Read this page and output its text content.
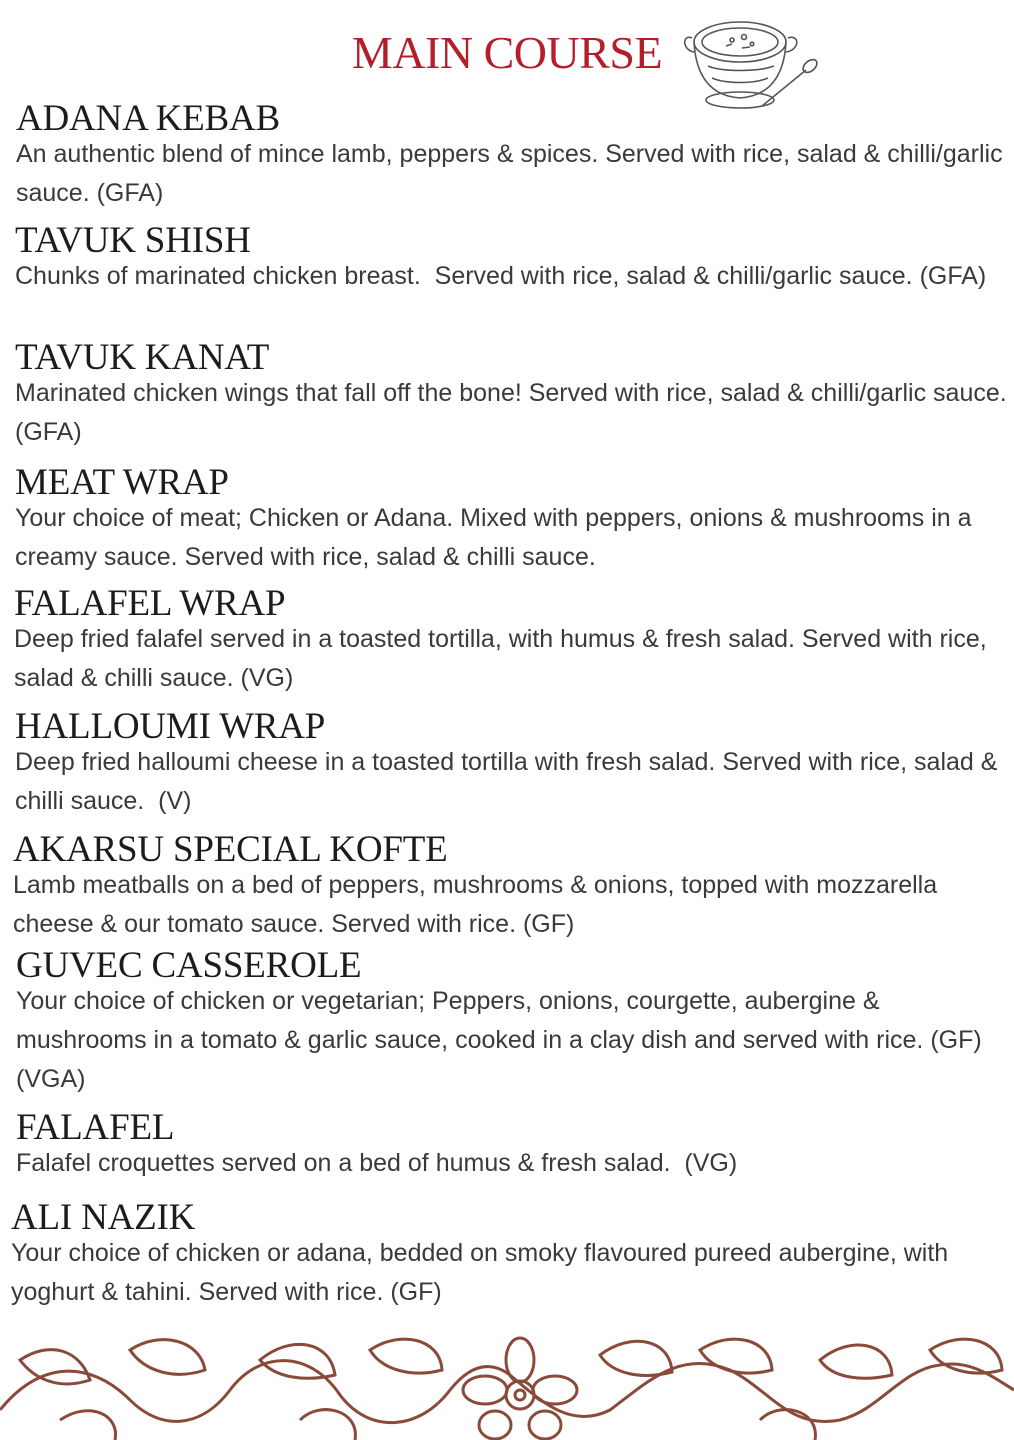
MAIN COURSE
ADANA KEBAB
An authentic blend of mince lamb, peppers & spices. Served with rice, salad & chilli/garlic sauce. (GFA)
TAVUK SHISH
Chunks of marinated chicken breast.  Served with rice, salad & chilli/garlic sauce. (GFA)
TAVUK KANAT
Marinated chicken wings that fall off the bone! Served with rice, salad & chilli/garlic sauce. (GFA)
MEAT WRAP
Your choice of meat; Chicken or Adana. Mixed with peppers, onions & mushrooms in a creamy sauce. Served with rice, salad & chilli sauce.
FALAFEL WRAP
Deep fried falafel served in a toasted tortilla, with humus & fresh salad. Served with rice, salad & chilli sauce. (VG)
HALLOUMI WRAP
Deep fried halloumi cheese in a toasted tortilla with fresh salad. Served with rice, salad & chilli sauce.  (V)
AKARSU SPECIAL KOFTE
Lamb meatballs on a bed of peppers, mushrooms & onions, topped with mozzarella cheese & our tomato sauce. Served with rice. (GF)
GUVEC CASSEROLE
Your choice of chicken or vegetarian; Peppers, onions, courgette, aubergine & mushrooms in a tomato & garlic sauce, cooked in a clay dish and served with rice. (GF) (VGA)
FALAFEL
Falafel croquettes served on a bed of humus & fresh salad.  (VG)
ALI NAZIK
Your choice of chicken or adana, bedded on smoky flavoured pureed aubergine, with yoghurt & tahini. Served with rice. (GF)
